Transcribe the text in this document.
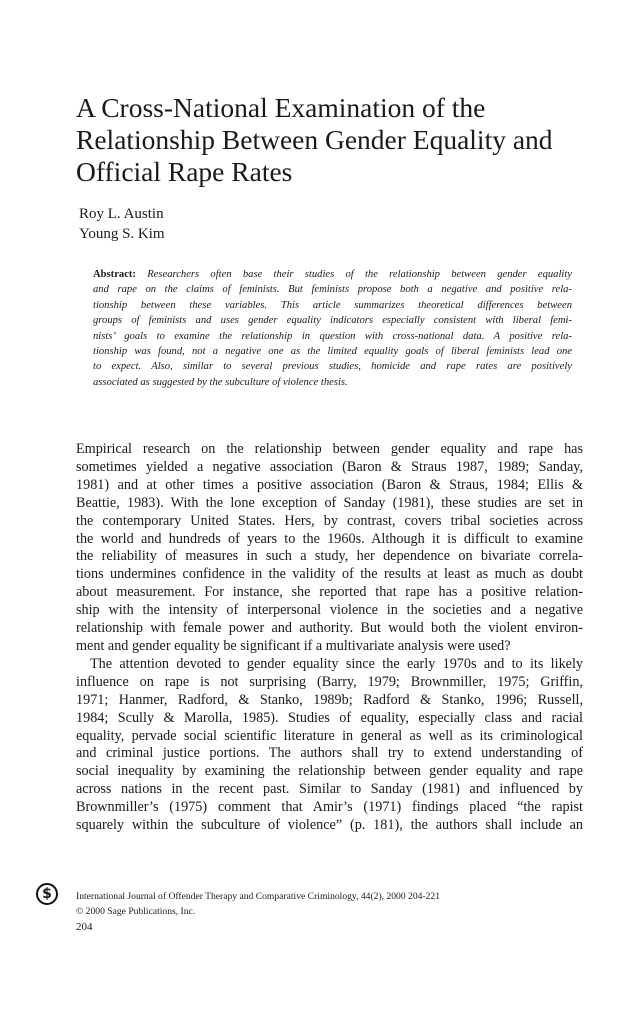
A Cross-National Examination of the
Relationship Between Gender Equality and
Official Rape Rates
Roy L. Austin
Young S. Kim
Abstract: Researchers often base their studies of the relationship between gender equality
and rape on the claims of feminists. But feminists propose both a negative and positive rela-
tionship between these variables. This article summarizes theoretical differences between
groups of feminists and uses gender equality indicators especially consistent with liberal femi-
nists’ goals to examine the relationship in question with cross-national data. A positive rela-
tionship was found, not a negative one as the limited equality goals of liberal feminists lead one
to expect. Also, similar to several previous studies, homicide and rape rates are positively
associated as suggested by the subculture of violence thesis.
Empirical research on the relationship between gender equality and rape has
sometimes yielded a negative association (Baron & Straus 1987, 1989; Sanday,
1981) and at other times a positive association (Baron & Straus, 1984; Ellis &
Beattie, 1983). With the lone exception of Sanday (1981), these studies are set in
the contemporary United States. Hers, by contrast, covers tribal societies across
the world and hundreds of years to the 1960s. Although it is difficult to examine
the reliability of measures in such a study, her dependence on bivariate correla-
tions undermines confidence in the validity of the results at least as much as doubt
about measurement. For instance, she reported that rape has a positive relation-
ship with the intensity of interpersonal violence in the societies and a negative
relationship with female power and authority. But would both the violent environ-
ment and gender equality be significant if a multivariate analysis were used?
The attention devoted to gender equality since the early 1970s and to its likely
influence on rape is not surprising (Barry, 1979; Brownmiller, 1975; Griffin,
1971; Hanmer, Radford, & Stanko, 1989b; Radford & Stanko, 1996; Russell,
1984; Scully & Marolla, 1985). Studies of equality, especially class and racial
equality, pervade social scientific literature in general as well as its criminological
and criminal justice portions. The authors shall try to extend understanding of
social inequality by examining the relationship between gender equality and rape
across nations in the recent past. Similar to Sanday (1981) and influenced by
Brownmiller’s (1975) comment that Amir’s (1971) findings placed “the rapist
squarely within the subculture of violence” (p. 181), the authors shall include an
$	International Journal of Offender Therapy and Comparative Criminology, 44(2), 2000 204-221
© 2000 Sage Publications, Inc.
204
